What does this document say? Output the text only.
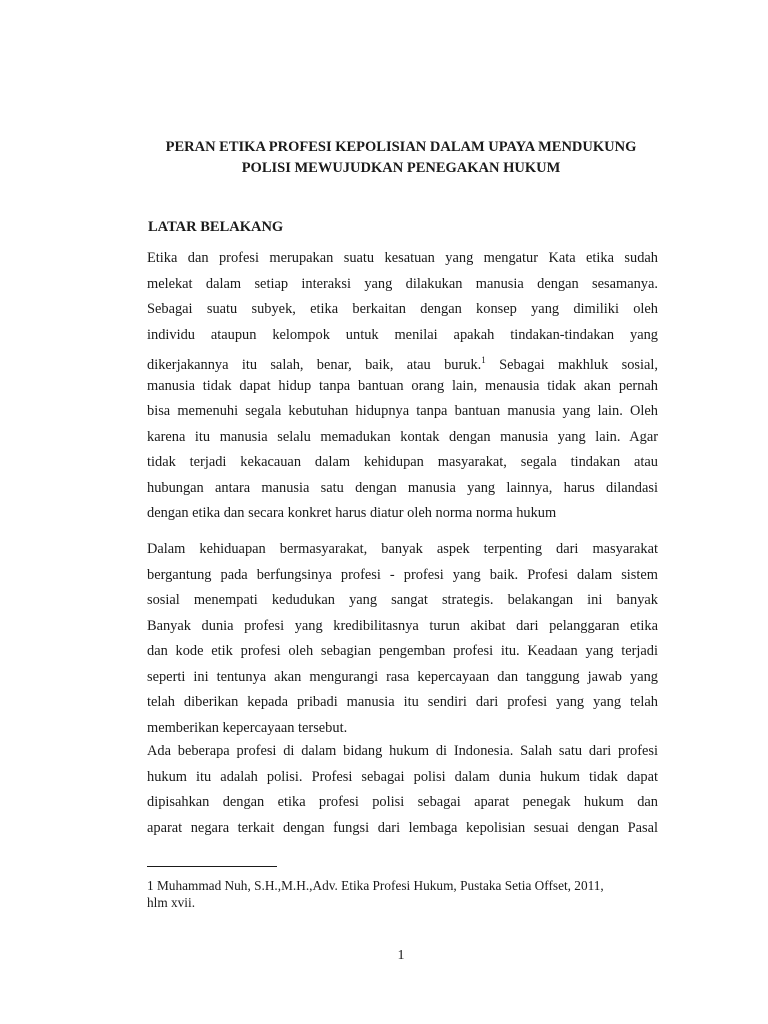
PERAN ETIKA PROFESI KEPOLISIAN DALAM UPAYA MENDUKUNG
POLISI MEWUJUDKAN PENEGAKAN HUKUM
LATAR BELAKANG
Etika dan profesi merupakan suatu kesatuan yang mengatur Kata etika sudah
melekat dalam setiap interaksi yang dilakukan manusia dengan sesamanya.
Sebagai suatu subyek, etika berkaitan dengan konsep yang dimiliki oleh
individu ataupun kelompok untuk menilai apakah tindakan-tindakan yang
dikerjakannya itu salah, benar, baik, atau buruk.$^1$ Sebagai makhluk sosial,
manusia tidak dapat hidup tanpa bantuan orang lain, menausia tidak akan pernah
bisa memenuhi segala kebutuhan hidupnya tanpa bantuan manusia yang lain. Oleh
karena itu manusia selalu memadukan kontak dengan manusia yang lain. Agar
tidak terjadi kekacauan dalam kehidupan masyarakat, segala tindakan atau
hubungan antara manusia satu dengan manusia yang lainnya, harus dilandasi
dengan etika dan secara konkret harus diatur oleh norma norma hukum
Dalam kehiduapan bermasyarakat, banyak aspek terpenting dari masyarakat
bergantung pada berfungsinya profesi - profesi yang baik. Profesi dalam sistem
sosial menempati kedudukan yang sangat strategis. belakangan ini banyak
Banyak dunia profesi yang kredibilitasnya turun akibat dari pelanggaran etika
dan kode etik profesi oleh sebagian pengemban profesi itu. Keadaan yang terjadi
seperti ini tentunya akan mengurangi rasa kepercayaan dan tanggung jawab yang
telah diberikan kepada pribadi manusia itu sendiri dari profesi yang yang telah
memberikan kepercayaan tersebut.
Ada beberapa profesi di dalam bidang hukum di Indonesia. Salah satu dari profesi
hukum itu adalah polisi. Profesi sebagai polisi dalam dunia hukum tidak dapat
dipisahkan dengan etika profesi polisi sebagai aparat penegak hukum dan
aparat negara terkait dengan fungsi dari lembaga kepolisian sesuai dengan Pasal
1 Muhammad Nuh, S.H.,M.H.,Adv. Etika Profesi Hukum, Pustaka Setia Offset, 2011,
hlm xvii.
1
